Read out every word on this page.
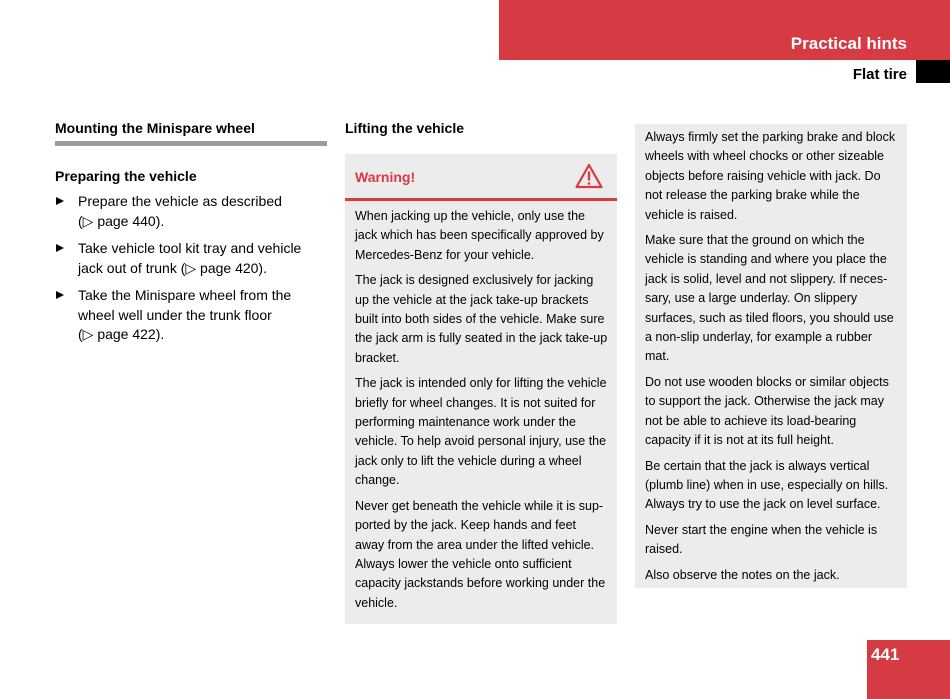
Practical hints
Flat tire
Mounting the Minispare wheel
Preparing the vehicle
Prepare the vehicle as described
(▷ page 440).
Take vehicle tool kit tray and vehicle
jack out of trunk (▷ page 420).
Take the Minispare wheel from the
wheel well under the trunk floor
(▷ page 422).
Lifting the vehicle
Warning!

When jacking up the vehicle, only use the jack which has been specifically approved by Mercedes-Benz for your vehicle.

The jack is designed exclusively for jacking up the vehicle at the jack take-up brackets built into both sides of the vehicle. Make sure the jack arm is fully seated in the jack take-up bracket.

The jack is intended only for lifting the vehicle briefly for wheel changes. It is not suited for performing maintenance work under the vehicle. To help avoid personal injury, use the jack only to lift the vehicle during a wheel change.

Never get beneath the vehicle while it is supported by the jack. Keep hands and feet away from the area under the lifted vehicle. Always lower the vehicle onto sufficient capacity jackstands before working under the vehicle.

Always firmly set the parking brake and block wheels with wheel chocks or other sizeable objects before raising vehicle with jack. Do not release the parking brake while the vehicle is raised.

Make sure that the ground on which the vehicle is standing and where you place the jack is solid, level and not slippery. If necessary, use a large underlay. On slippery surfaces, such as tiled floors, you should use a non-slip underlay, for example a rubber mat.

Do not use wooden blocks or similar objects to support the jack. Otherwise the jack may not be able to achieve its load-bearing capacity if it is not at its full height.

Be certain that the jack is always vertical (plumb line) when in use, especially on hills. Always try to use the jack on level surface.

Never start the engine when the vehicle is raised.

Also observe the notes on the jack.

441
